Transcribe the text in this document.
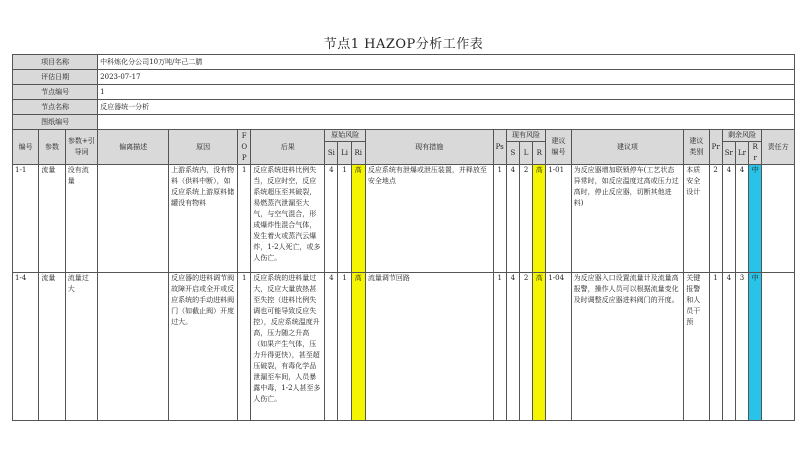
节点1 HAZOP分析工作表
项目名称			中科炼化分公司10万吨/年己二腈																			
评估日期			2023-07-17																			
节点编号			1																			
节点名称			反应器统一分析																			
图纸编号																						
编号	参数	参数+引导词	偏离描述	原因	FOP	后果	原始风险			现有措施	Ps	现有风险			建议编号	建议项	建议类别	Pr	剩余风险			责任方
							Si	Li	Ri			S	L	R					Sr	Lr	Rr	
1-1	流量	没有流量		上游系统内，没有物料（供料中断），如反应系统上游原料储罐没有物料	1	反应系统进料比例失当，反应时空，反应系统超压至其破裂，易燃蒸汽泄漏至大气，与空气混合，形成爆炸性混合气体，发生着火或蒸汽云爆炸，1-2人死亡，或多人伤亡。	4	1	高	反应系统有泄爆或泄压装置，并释放至安全地点	1	4	2	高	1-01	为反应器增加联锁停车(工艺状态异常时，如反应温度过高或压力过高时，停止反应器，切断其他进料)	本质安全设计	2	4	4	中	
1-4	流量	流量过大		反应器的进料调节阀故障开启或全开或反应系统的手动进料阀门（如截止阀）开度过大。	1	反应系统的进料量过大，反应大量放热甚至失控（进料比例失调也可能导致反应失控），反应系统温度升高，压力随之升高（如果产生气体，压力升得更快），甚至超压破裂，有毒化学品泄漏至车间，人员暴露中毒，1-2人甚至多人伤亡。	4	1	高	流量调节回路	1	4	2	高	1-04	为反应器入口设置流量计及流量高报警，操作人员可以根据流量变化及时调整反应器进料阀门的开度。	关键报警和人员干预	1	4	3	中	
